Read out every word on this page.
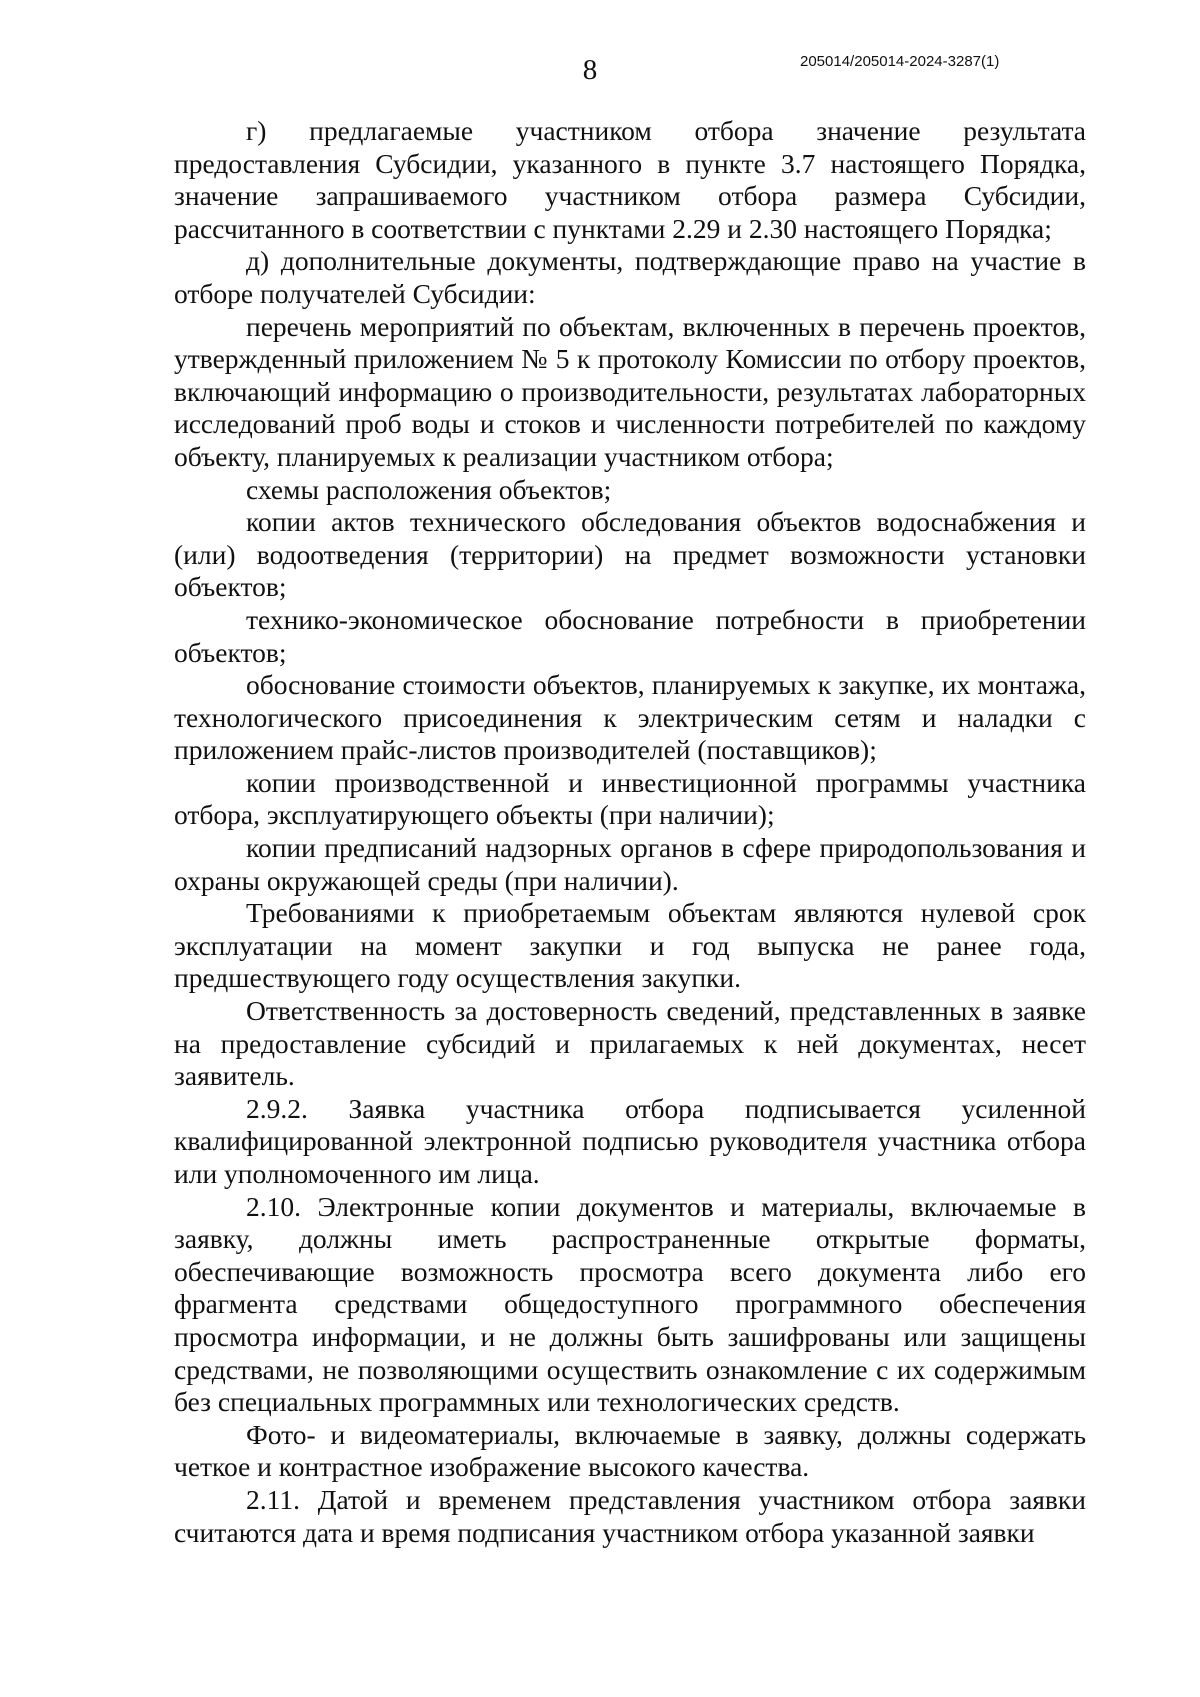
8	205014/205014-2024-3287(1)

г) предлагаемые участником отбора значение результата предоставления Субсидии, указанного в пункте 3.7 настоящего Порядка, значение запрашиваемого участником отбора размера Субсидии, рассчитанного в соответствии с пунктами 2.29 и 2.30 настоящего Порядка;

д) дополнительные документы, подтверждающие право на участие в отборе получателей Субсидии:

перечень мероприятий по объектам, включенных в перечень проектов, утвержденный приложением № 5 к протоколу Комиссии по отбору проектов, включающий информацию о производительности, результатах лабораторных исследований проб воды и стоков и численности потребителей по каждому объекту, планируемых к реализации участником отбора;

схемы расположения объектов;

копии актов технического обследования объектов водоснабжения и (или) водоотведения (территории) на предмет возможности установки объектов;

технико-экономическое обоснование потребности в приобретении объектов;

обоснование стоимости объектов, планируемых к закупке, их монтажа, технологического присоединения к электрическим сетям и наладки с приложением прайс-листов производителей (поставщиков);

копии производственной и инвестиционной программы участника отбора, эксплуатирующего объекты (при наличии);

копии предписаний надзорных органов в сфере природопользования и охраны окружающей среды (при наличии).

Требованиями к приобретаемым объектам являются нулевой срок эксплуатации на момент закупки и год выпуска не ранее года, предшествующего году осуществления закупки.

Ответственность за достоверность сведений, представленных в заявке на предоставление субсидий и прилагаемых к ней документах, несет заявитель.

2.9.2. Заявка участника отбора подписывается усиленной квалифицированной электронной подписью руководителя участника отбора или уполномоченного им лица.

2.10. Электронные копии документов и материалы, включаемые в заявку, должны иметь распространенные открытые форматы, обеспечивающие возможность просмотра всего документа либо его фрагмента средствами общедоступного программного обеспечения просмотра информации, и не должны быть зашифрованы или защищены средствами, не позволяющими осуществить ознакомление с их содержимым без специальных программных или технологических средств.

Фото- и видеоматериалы, включаемые в заявку, должны содержать четкое и контрастное изображение высокого качества.

2.11. Датой и временем представления участником отбора заявки считаются дата и время подписания участником отбора указанной заявки
